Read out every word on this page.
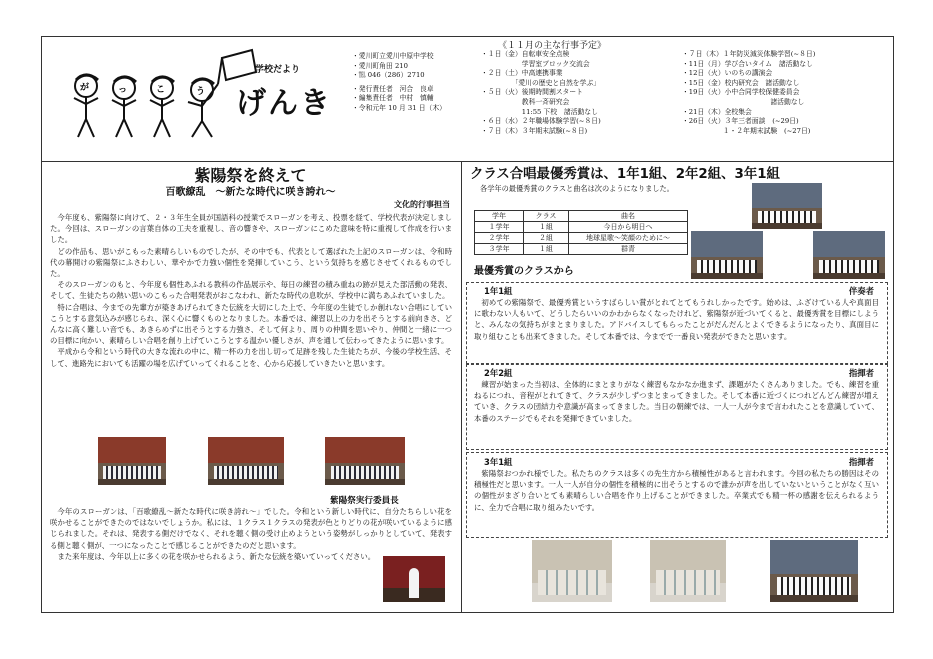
が	っ	こ	う
学校だより
げんき
・愛川町立愛川中原中学校
・愛川町角田 210
・℡ 046（286）2710
・発行責任者　河合　良卓
・編集責任者　中村　慎輔
・令和元年 10 月 31 日（木）
《１１月の主な行事予定》
・１日（金）自転車安全点検
　　　　　　学習室ブロック交流会
・２日（土）中高連携事業
　　　　　「愛川の歴史と自然を学ぶ」
・５日（火）後期時間割スタート
　　　　　　教科一斉研究会
　　　　　　11:55 下校　諸活動なし
・６日（水）２年職場体験学習(~８日)
・７日（木）３年期末試験(~８日)
・７日（木）１年防災減災体験学習(~８日)
・11日（月）学び合いタイム　諸活動なし
・12日（火）いのちの講演会
・15日（金）校内研究会　諸活動なし
・19日（火）小中合同学校保健委員会
　　　　　　　　　　　　　諸活動なし
・21日（木）全校集会
・26日（火）３年三者面談　(~29日)
　　　　　　１・２年期末試験　(~27日)
紫陽祭を終えて
百歌繚乱　～新たな時代に咲き誇れ～
文化的行事担当

今年度も、紫陽祭に向けて、２・３年生全員が国語科の授業でスローガンを考え、投票を経て、学校代表が決定しました。今回は、スローガンの言葉自体の工夫を重視し、音の響きや、スローガンにこめた意味を特に重視して作成を行いました。

どの作品も、思いがこもった素晴らしいものでしたが、その中でも、代表として選ばれた上記のスローガンは、令和時代の幕開けの紫陽祭にふさわしい、華やかで力強い個性を発揮していこう、という気持ちを感じさせてくれるものでした。

そのスローガンのもと、今年度も個性あふれる教科の作品展示や、毎日の練習の積み重ねの跡が見えた部活動の発表、そして、生徒たちの熱い思いのこもった合唱発表がおこなわれ、新たな時代の息吹が、学校中に満ちあふれていました。

特に合唱は、今までの先輩方が築きあげられてきた伝統を大切にした上で、今年度の生徒でしか創れない合唱にしていこうとする意気込みが感じられ、深く心に響くものとなりました。本番では、練習以上の力を出そうとする前向きさ、どんなに高く難しい音でも、あきらめずに出そうとする力強さ、そして何より、周りの仲間を思いやり、仲間と一緒に一つの目標に向かい、素晴らしい合唱を創り上げていこうとする温かい優しさが、声を通して伝わってきたように思います。

平成から令和という時代の大きな流れの中に、精一杯の力を出し切って足跡を残した生徒たちが、今後の学校生活、そして、進路先においても活躍の場を広げていってくれることを、心から応援していきたいと思います。

紫陽祭実行委員長

今年のスローガンは、「百歌繚乱～新たな時代に咲き誇れ～」でした。令和という新しい時代に、自分たちらしい花を咲かせることができたのではないでしょうか。私には、１クラス１クラスの発表が色とりどりの花が咲いているように感じられました。それは、発表する側だけでなく、それを聴く側の受け止めようという姿勢がしっかりとしていて、発表する側と聴く側が、一つになったことで感じることができたのだと思います。

また来年度は、今年以上に多くの花を咲かせられるよう、新たな伝統を築いていってください。

クラス合唱最優秀賞は、1年1組、2年2組、3年1組
各学年の最優秀賞のクラスと曲名は次のようになりました。
学年	クラス	曲名
１学年	１組	今日から明日へ
２学年	２組	地球星歌～笑顔のために～
３学年	１組	群青
最優秀賞のクラスから
1年1組	伴奏者

初めての紫陽祭で、最優秀賞というすばらしい賞がとれてとてもうれしかったです。始めは、ふざけている人や真面目に歌わない人もいて、どうしたらいいのかわからなくなったけれど、紫陽祭が近づいてくると、最優秀賞を目標にしようと、みんなの気持ちがまとまりました。アドバイスしてもらったことがだんだんとよくできるようになったり、真面目に取り組むことも出来てきました。そして本番では、今までで一番良い発表ができたと思います。

2年2組	指揮者

練習が始まった当初は、全体的にまとまりがなく練習もなかなか進まず、課題がたくさんありました。でも、練習を重ねるにつれ、音程がとれてきて、クラスが少しずつまとまってきました。そして本番に近づくにつれどんどん練習が増えていき、クラスの団結力や意識が高まってきました。当日の朝練では、一人一人が今まで言われたことを意識していて、本番のステージでもそれを発揮できていました。

3年1組	指揮者

紫陽祭おつかれ様でした。私たちのクラスは多くの先生方から積極性があると言われます。今回の私たちの勝因はその積極性だと思います。一人一人が自分の個性を積極的に出そうとするので誰かが声を出していないということがなく互いの個性がまざり合いとても素晴らしい合唱を作り上げることができました。卒業式でも精一杯の感謝を伝えられるように、全力で合唱に取り組みたいです。
